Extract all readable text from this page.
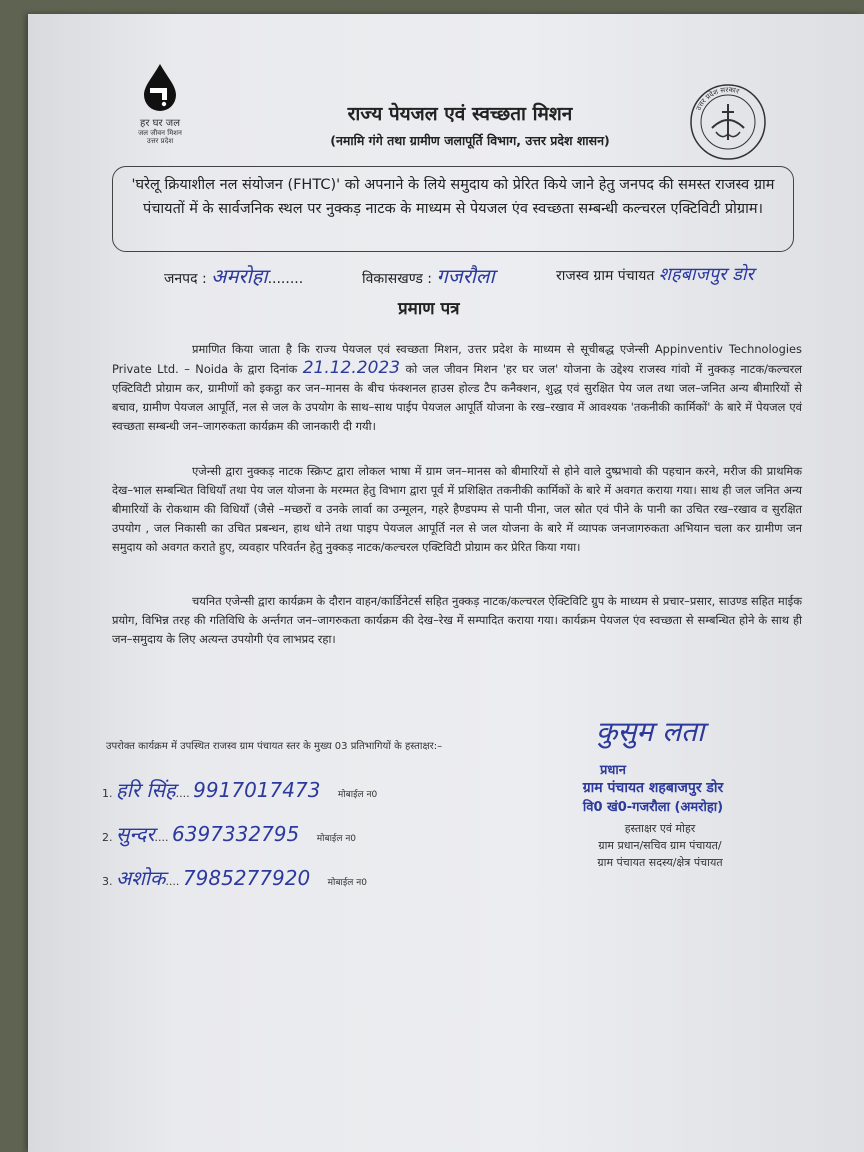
हर घर जल
जल जीवन मिशन
उत्तर प्रदेश
राज्य पेयजल एवं स्वच्छता मिशन
(नमामि गंगे तथा ग्रामीण जलापूर्ति विभाग, उत्तर प्रदेश शासन)
उत्तर प्रदेश सरकार
'घरेलू क्रियाशील नल संयोजन (FHTC)' को अपनाने के लिये समुदाय को प्रेरित किये जाने हेतु जनपद की समस्त राजस्व ग्राम पंचायतों में के सार्वजनिक स्थल पर नुक्कड़ नाटक के माध्यम से पेयजल एंव स्वच्छता सम्बन्धी कल्चरल एक्टिविटी प्रोग्राम।
जनपद : अमरोहा........	विकासखण्ड : गजरौला	राजस्व ग्राम पंचायत शहबाजपुर डोर
प्रमाण पत्र
प्रमाणित किया जाता है कि राज्य पेयजल एवं स्वच्छता मिशन, उत्तर प्रदेश के माध्यम से सूचीबद्ध एजेन्सी Appinventiv Technologies Private Ltd. – Noida के द्वारा दिनांक 21.12.2023 को जल जीवन मिशन 'हर घर जल' योजना के उद्देश्य राजस्व गांवो में नुक्कड़ नाटक/कल्चरल एक्टिविटी प्रोग्राम कर, ग्रामीणों को इकट्ठा कर जन–मानस के बीच फंक्शनल हाउस होल्ड टैप कनैक्शन, शुद्ध एवं सुरक्षित पेय जल तथा जल–जनित अन्य बीमारियों से बचाव, ग्रामीण पेयजल आपूर्ति, नल से जल के उपयोग के साथ–साथ पाईप पेयजल आपूर्ति योजना के रख–रखाव में आवश्यक 'तकनीकी कार्मिकों' के बारे में पेयजल एवं स्वच्छता सम्बन्धी जन–जागरुकता कार्यक्रम की जानकारी दी गयी।
एजेन्सी द्वारा नुक्कड़ नाटक स्क्रिप्ट द्वारा लोकल भाषा में ग्राम जन–मानस को बीमारियों से होने वाले दुष्प्रभावो की पहचान करने, मरीज की प्राथमिक देख–भाल सम्बन्धित विधियाँ तथा पेय जल योजना के मरम्मत हेतु विभाग द्वारा पूर्व में प्रशिक्षित तकनीकी कार्मिकों के बारे में अवगत कराया गया। साथ ही जल जनित अन्य बीमारियों के रोकथाम की विधियाँ (जैसे –मच्छरों व उनके लार्वा का उन्मूलन, गहरे हैण्डपम्प से पानी पीना, जल स्रोत एवं पीने के पानी का उचित रख–रखाव व सुरक्षित उपयोग , जल निकासी का उचित प्रबन्धन, हाथ धोने तथा पाइप पेयजल आपूर्ति नल से जल योजना के बारे में व्यापक जनजागरुकता अभियान चला कर ग्रामीण जन समुदाय को अवगत कराते हुए, व्यवहार परिवर्तन हेतु नुक्कड़ नाटक/कल्चरल एक्टिविटी प्रोग्राम कर प्रेरित किया गया।
चयनित एजेन्सी द्वारा कार्यक्रम के दौरान वाहन/कार्डिनेटर्स सहित नुक्कड़ नाटक/कल्चरल ऐक्टिविटि ग्रुप के माध्यम से प्रचार–प्रसार, साउण्ड सहित माईक प्रयोग, विभिन्न तरह की गतिविधि के अर्न्तगत जन–जागरुकता कार्यक्रम की देख–रेख में सम्पादित कराया गया। कार्यक्रम पेयजल एंव स्वच्छता से सम्बन्धित होने के साथ ही जन–समुदाय के लिए अत्यन्त उपयोगी एंव लाभप्रद रहा।
उपरोक्त कार्यक्रम में उपस्थित राजस्व ग्राम पंचायत स्तर के मुख्य 03 प्रतिभागियों के हस्ताक्षर:–
1. हरि सिंह.... 9917017473 मोबाईल न0
2. सुन्दर.... 6397332795 मोबाईल न0
3. अशोक.... 7985277920 मोबाईल न0
कुसुम लता
प्रधान
ग्राम पंचायत शहबाजपुर डोर
वि0 खं0-गजरौला (अमरोहा)
हस्ताक्षर एवं मोहर
ग्राम प्रधान/सचिव ग्राम पंचायत/
ग्राम पंचायत सदस्य/क्षेत्र पंचायत
